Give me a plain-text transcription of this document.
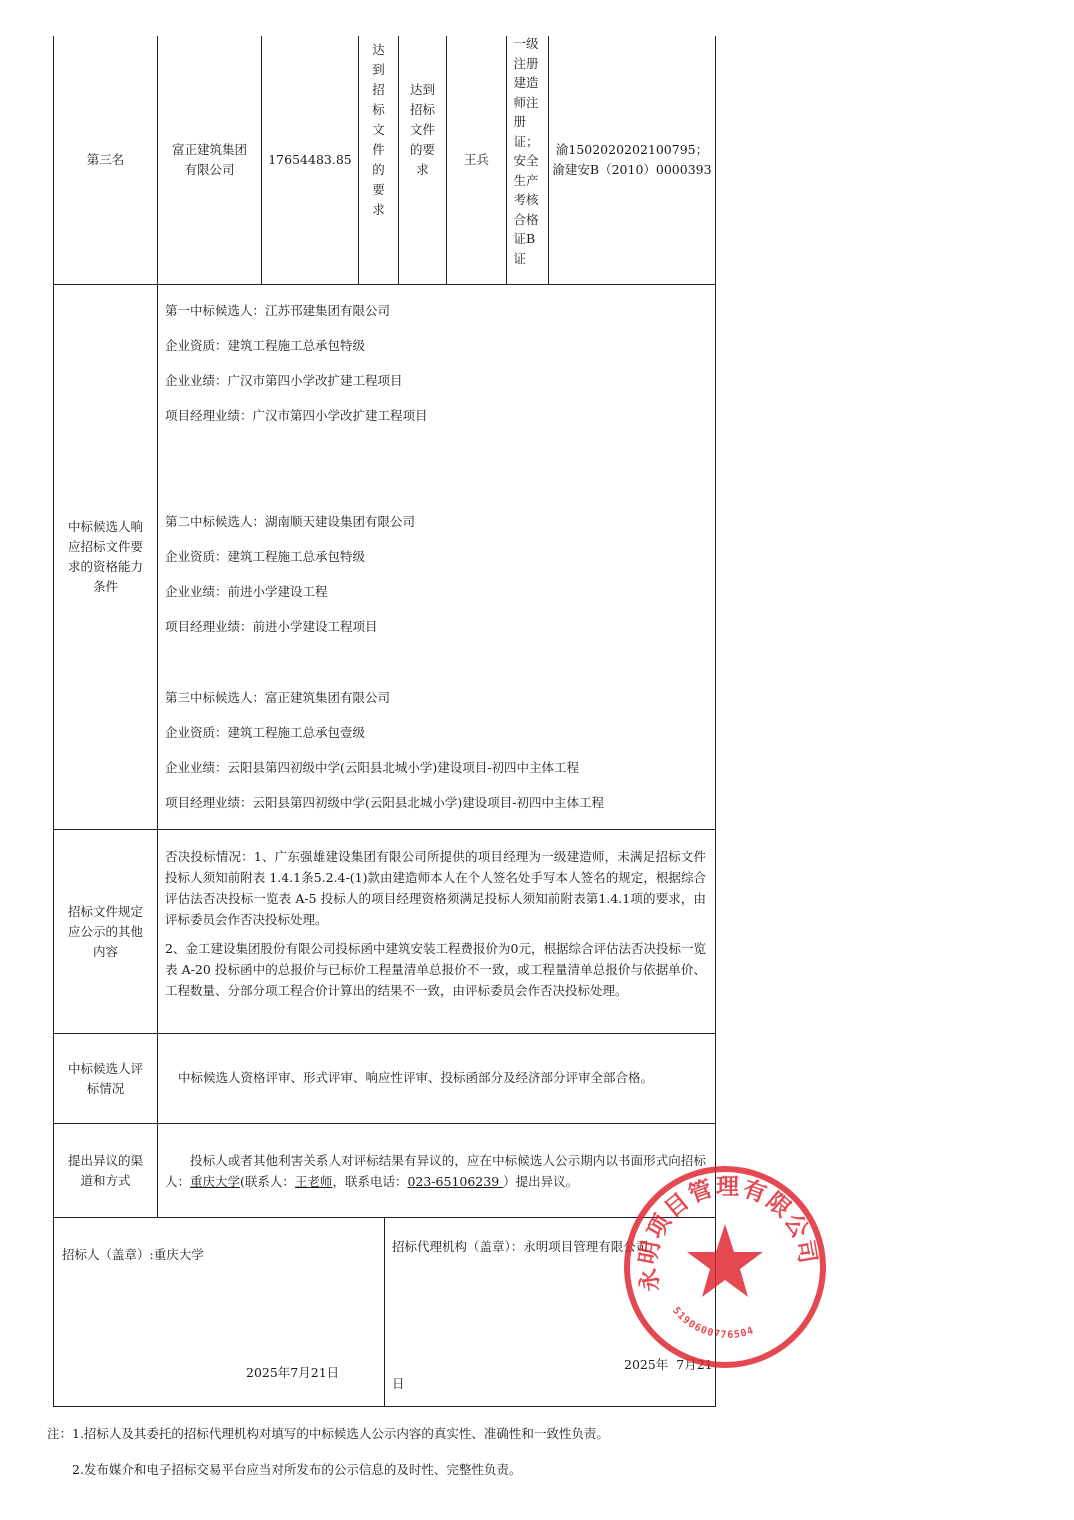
第三名
富正建筑集团有限公司
17654483.85
达到招标文件的要求
达到招标文件的要求
王兵
一级注册建造师注册证；安全生产考核合格证B证
渝1502020202100795；
渝建安B（2010）0000393
中标候选人响应招标文件要求的资格能力条件

第一中标候选人：江苏邗建集团有限公司

企业资质：建筑工程施工总承包特级

企业业绩：广汉市第四小学改扩建工程项目

项目经理业绩：广汉市第四小学改扩建工程项目

第二中标候选人：湖南顺天建设集团有限公司

企业资质：建筑工程施工总承包特级

企业业绩：前进小学建设工程

项目经理业绩：前进小学建设工程项目

第三中标候选人：富正建筑集团有限公司

企业资质：建筑工程施工总承包壹级

企业业绩：云阳县第四初级中学(云阳县北城小学)建设项目-初四中主体工程

项目经理业绩：云阳县第四初级中学(云阳县北城小学)建设项目-初四中主体工程

招标文件规定应公示的其他内容
否决投标情况：1、广东强雄建设集团有限公司所提供的项目经理为一级建造师，未满足招标文件投标人须知前附表 1.4.1条5.2.4-(1)款由建造师本人在个人签名处手写本人签名的规定，根据综合评估法否决投标一览表 A-5 投标人的项目经理资格须满足投标人须知前附表第1.4.1项的要求，由评标委员会作否决投标处理。
2、金工建设集团股份有限公司投标函中建筑安装工程费报价为0元，根据综合评估法否决投标一览表 A-20 投标函中的总报价与已标价工程量清单总报价不一致，或工程量清单总报价与依据单价、工程数量、分部分项工程合价计算出的结果不一致，由评标委员会作否决投标处理。
中标候选人评标情况
中标候选人资格评审、形式评审、响应性评审、投标函部分及经济部分评审全部合格。
提出异议的渠道和方式
投标人或者其他利害关系人对评标结果有异议的，应在中标候选人公示期内以书面形式向招标人：重庆大学(联系人：王老师，联系电话：023-65106239 ）提出异议。
招标人（盖章）:重庆大学
2025年7月21日
招标代理机构（盖章）：永明项目管理有限公司
2025年  7月21
日
永明项目管理有限公司
5190600776504
注：1.招标人及其委托的招标代理机构对填写的中标候选人公示内容的真实性、准确性和一致性负责。
2.发布媒介和电子招标交易平台应当对所发布的公示信息的及时性、完整性负责。
